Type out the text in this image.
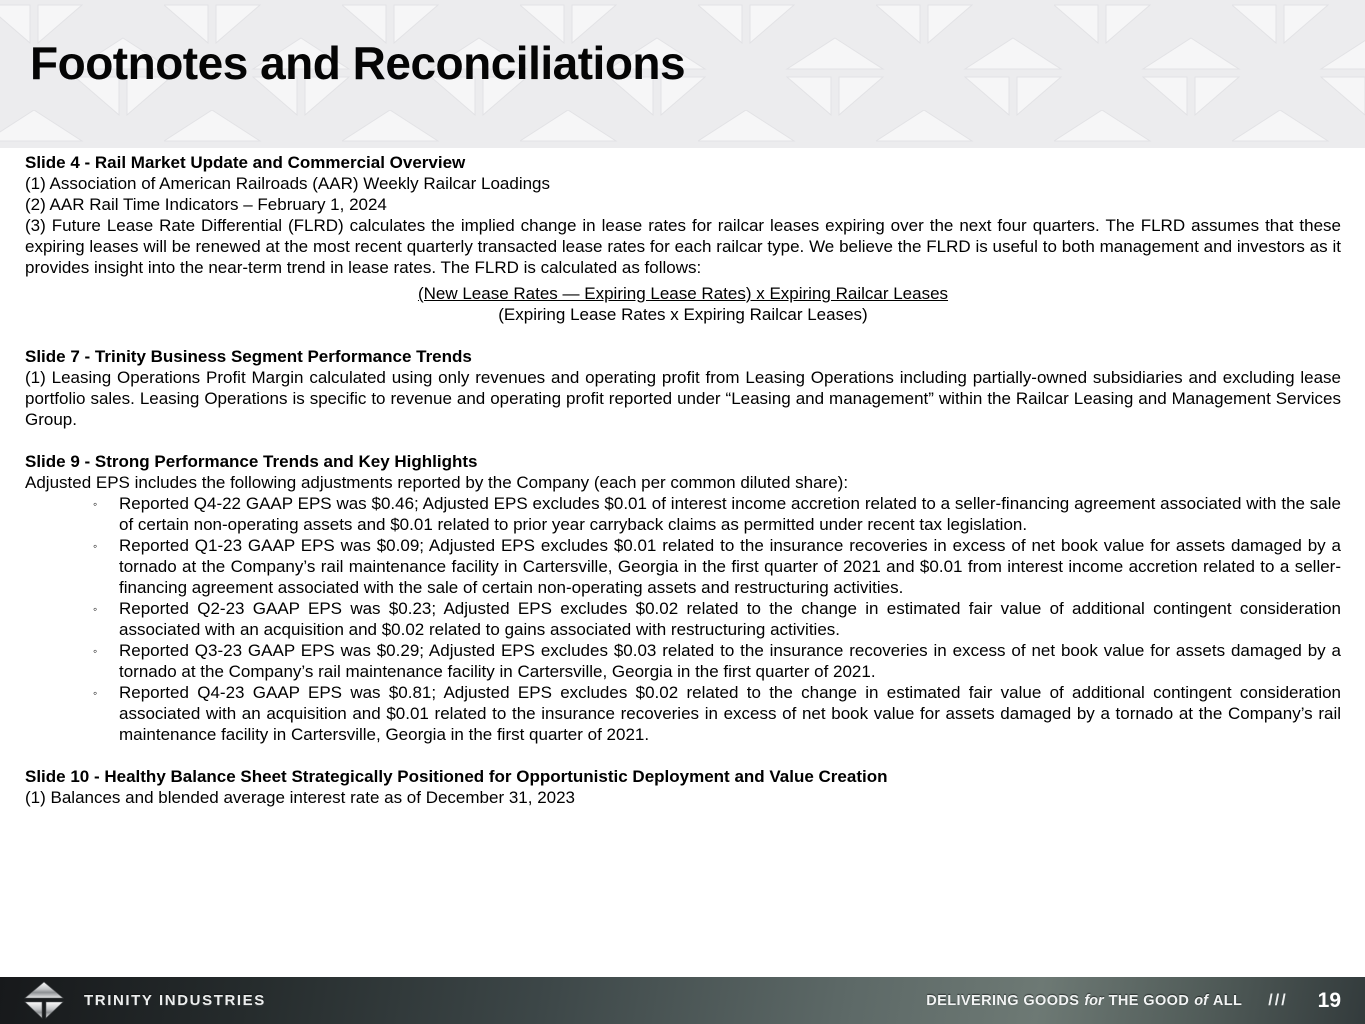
Footnotes and Reconciliations
Slide 4 - Rail Market Update and Commercial Overview

(1) Association of American Railroads (AAR) Weekly Railcar Loadings

(2) AAR Rail Time Indicators – February 1, 2024

(3) Future Lease Rate Differential (FLRD) calculates the implied change in lease rates for railcar leases expiring over the next four quarters. The FLRD assumes that these expiring leases will be renewed at the most recent quarterly transacted lease rates for each railcar type. We believe the FLRD is useful to both management and investors as it provides insight into the near-term trend in lease rates. The FLRD is calculated as follows:

(New Lease Rates — Expiring Lease Rates) x Expiring Railcar Leases
(Expiring Lease Rates x Expiring Railcar Leases)
Slide 7 - Trinity Business Segment Performance Trends

(1) Leasing Operations Profit Margin calculated using only revenues and operating profit from Leasing Operations including partially-owned subsidiaries and excluding lease portfolio sales. Leasing Operations is specific to revenue and operating profit reported under “Leasing and management” within the Railcar Leasing and Management Services Group.

Slide 9 - Strong Performance Trends and Key Highlights

Adjusted EPS includes the following adjustments reported by the Company (each per common diluted share):

◦	Reported Q4-22 GAAP EPS was $0.46; Adjusted EPS excludes $0.01 of interest income accretion related to a seller-financing agreement associated with the sale of certain non-operating assets and $0.01 related to prior year carryback claims as permitted under recent tax legislation.
◦	Reported Q1-23 GAAP EPS was $0.09; Adjusted EPS excludes $0.01 related to the insurance recoveries in excess of net book value for assets damaged by a tornado at the Company’s rail maintenance facility in Cartersville, Georgia in the first quarter of 2021 and $0.01 from interest income accretion related to a seller-financing agreement associated with the sale of certain non-operating assets and restructuring activities.
◦	Reported Q2-23 GAAP EPS was $0.23; Adjusted EPS excludes $0.02 related to the change in estimated fair value of additional contingent consideration associated with an acquisition and $0.02 related to gains associated with restructuring activities.
◦	Reported Q3-23 GAAP EPS was $0.29; Adjusted EPS excludes $0.03 related to the insurance recoveries in excess of net book value for assets damaged by a tornado at the Company’s rail maintenance facility in Cartersville, Georgia in the first quarter of 2021.
◦	Reported Q4-23 GAAP EPS was $0.81; Adjusted EPS excludes $0.02 related to the change in estimated fair value of additional contingent consideration associated with an acquisition and $0.01 related to the insurance recoveries in excess of net book value for assets damaged by a tornado at the Company’s rail maintenance facility in Cartersville, Georgia in the first quarter of 2021.
Slide 10 - Healthy Balance Sheet Strategically Positioned for Opportunistic Deployment and Value Creation

(1) Balances and blended average interest rate as of December 31, 2023

TRINITY INDUSTRIES	DELIVERING GOODS for THE GOOD of ALL /// 19
